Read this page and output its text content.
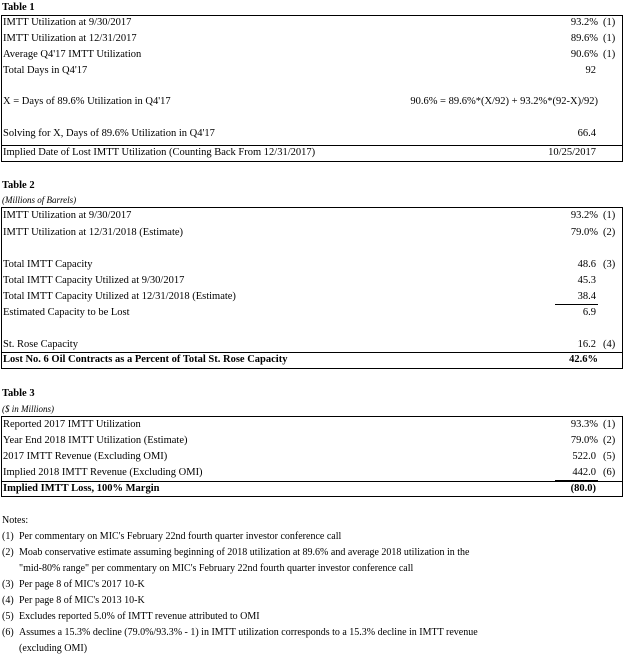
Table 1
IMTT Utilization at 9/30/2017	93.2% (1)
IMTT Utilization at 12/31/2017	89.6% (1)
Average Q4'17 IMTT Utilization	90.6% (1)
Total Days in Q4'17	92
X = Days of 89.6% Utilization in Q4'17	90.6% = 89.6%*(X/92) + 93.2%*(92-X)/92)
Solving for X, Days of 89.6% Utilization in Q4'17	66.4
Implied Date of Lost IMTT Utilization (Counting Back From 12/31/2017)	10/25/2017
Table 2
(Millions of Barrels)
IMTT Utilization at 9/30/2017	93.2% (1)
IMTT Utilization at 12/31/2018 (Estimate)	79.0% (2)
Total IMTT Capacity	48.6 (3)
Total IMTT Capacity Utilized at 9/30/2017	45.3
Total IMTT Capacity Utilized at 12/31/2018 (Estimate)	38.4
Estimated Capacity to be Lost	6.9
St. Rose Capacity	16.2 (4)
Lost No. 6 Oil Contracts as a Percent of Total St. Rose Capacity	42.6%
Table 3
($ in Millions)
Reported 2017 IMTT Utilization	93.3% (1)
Year End 2018 IMTT Utilization (Estimate)	79.0% (2)
2017 IMTT Revenue (Excluding OMI)	522.0 (5)
Implied 2018 IMTT Revenue (Excluding OMI)	442.0 (6)
Implied IMTT Loss, 100% Margin	(80.0)
Notes:
(1) Per commentary on MIC's February 22nd fourth quarter investor conference call
(2) Moab conservative estimate assuming beginning of 2018 utilization at 89.6% and average 2018 utilization in the
"mid-80% range" per commentary on MIC's February 22nd fourth quarter investor conference call
(3) Per page 8 of MIC's 2017 10-K
(4) Per page 8 of MIC's 2013 10-K
(5) Excludes reported 5.0% of IMTT revenue attributed to OMI
(6) Assumes a 15.3% decline (79.0%/93.3% - 1) in IMTT utilization corresponds to a 15.3% decline in IMTT revenue
(excluding OMI)
